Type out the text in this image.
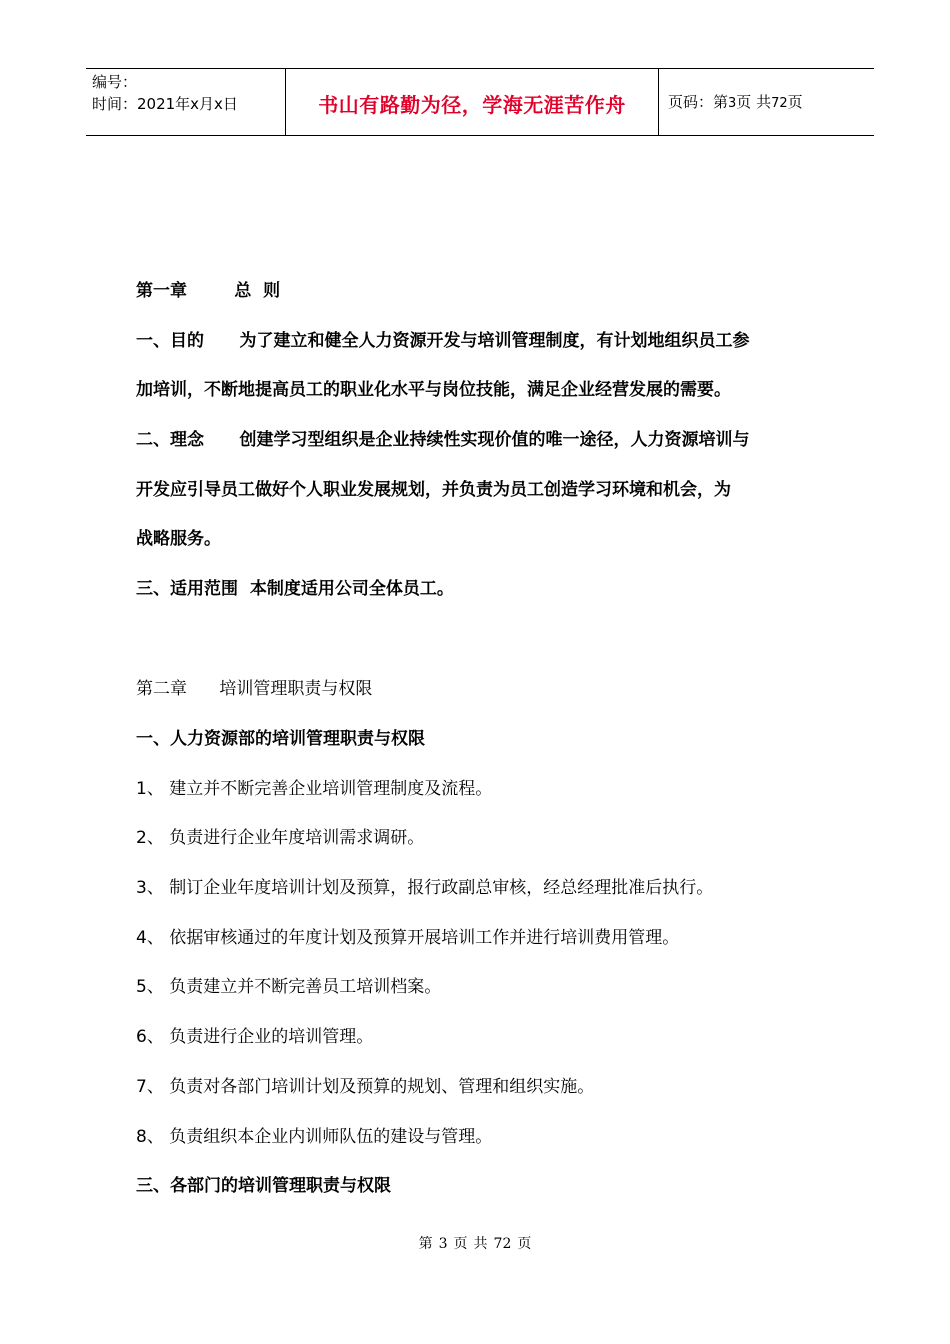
编号：
时间：2021年x月x日	书山有路勤为径，学海无涯苦作舟	页码：第3页 共72页
第一章        总  则
一、目的      为了建立和健全人力资源开发与培训管理制度，有计划地组织员工参
加培训，不断地提高员工的职业化水平与岗位技能，满足企业经营发展的需要。
二、理念      创建学习型组织是企业持续性实现价值的唯一途径，人力资源培训与
开发应引导员工做好个人职业发展规划，并负责为员工创造学习环境和机会，为
战略服务。
三、适用范围  本制度适用公司全体员工。
第二章      培训管理职责与权限
一、人力资源部的培训管理职责与权限
1、 建立并不断完善企业培训管理制度及流程。
2、 负责进行企业年度培训需求调研。
3、 制订企业年度培训计划及预算，报行政副总审核，经总经理批准后执行。
4、 依据审核通过的年度计划及预算开展培训工作并进行培训费用管理。
5、 负责建立并不断完善员工培训档案。
6、 负责进行企业的培训管理。
7、 负责对各部门培训计划及预算的规划、管理和组织实施。
8、 负责组织本企业内训师队伍的建设与管理。
三、各部门的培训管理职责与权限
第 3 页 共 72 页
